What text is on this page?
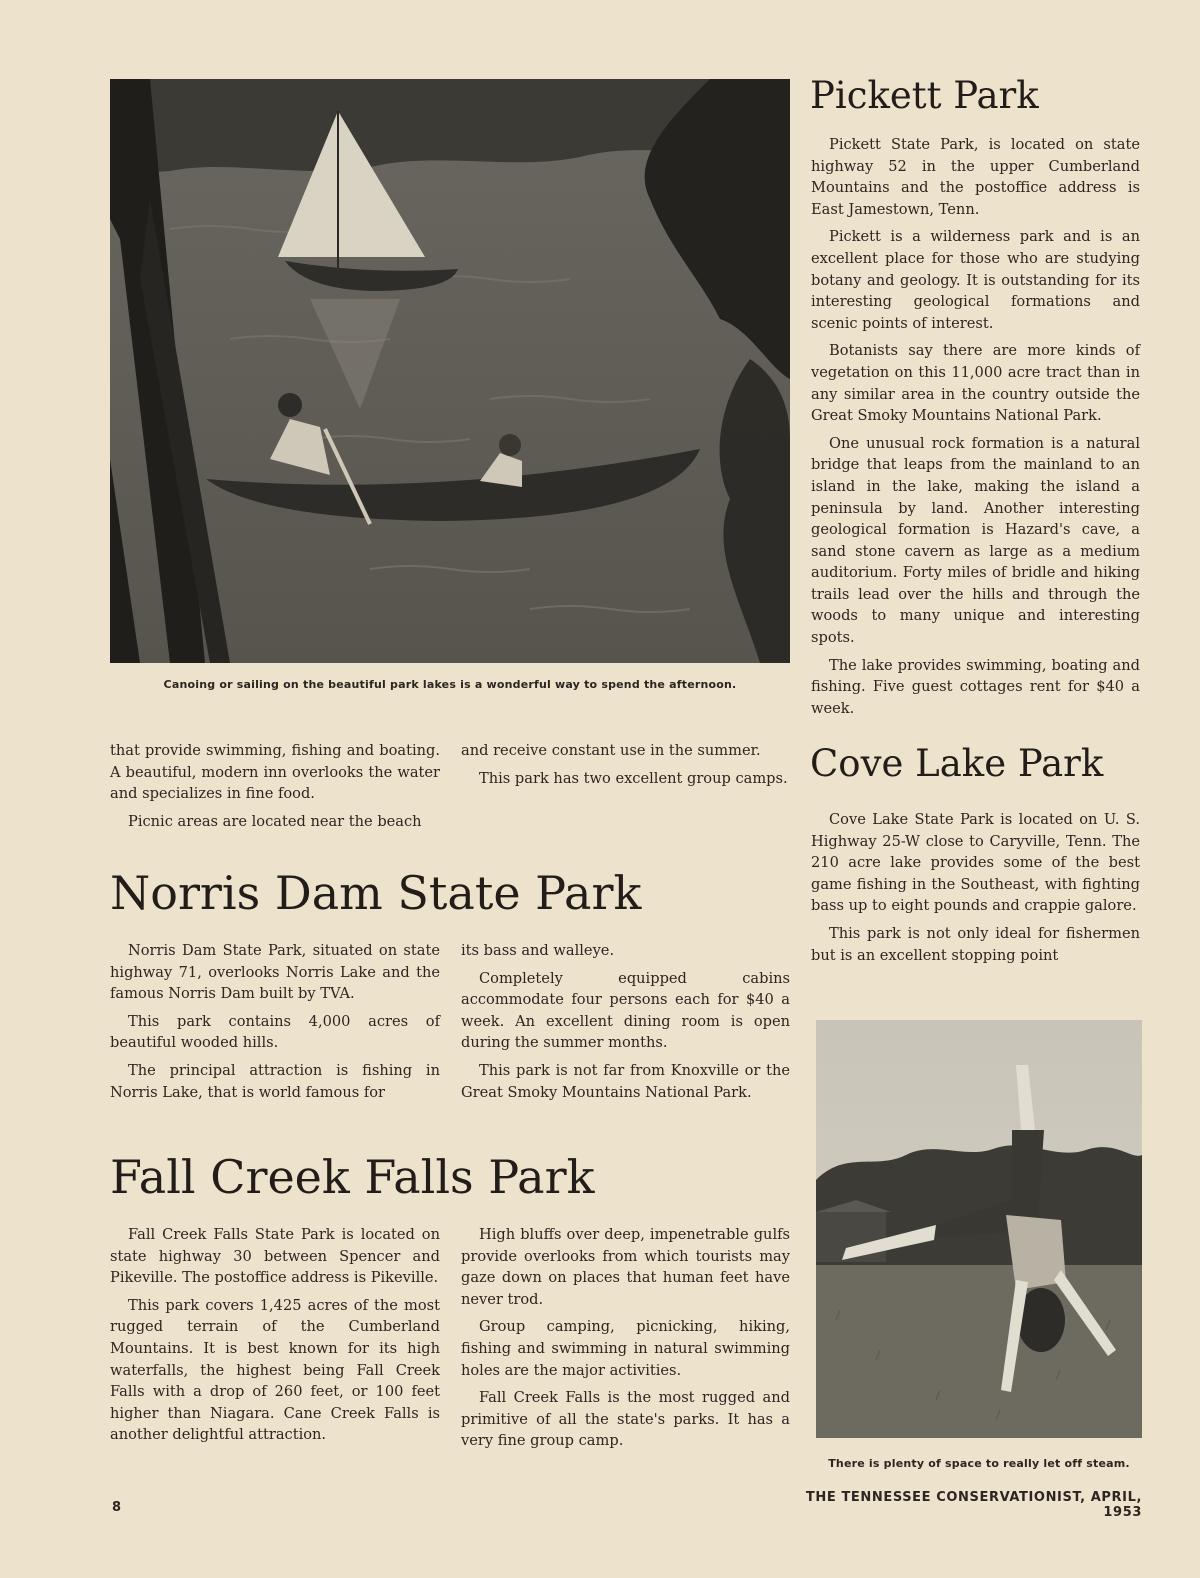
Canoing or sailing on the beautiful park lakes is a wonderful way to spend the afternoon.
Pickett Park

Pickett State Park, is located on state highway 52 in the upper Cumberland Mountains and the postoffice address is East Jamestown, Tenn.

Pickett is a wilderness park and is an excellent place for those who are studying botany and geology. It is outstanding for its interesting geological formations and scenic points of interest.

Botanists say there are more kinds of vegetation on this 11,000 acre tract than in any similar area in the country outside the Great Smoky Mountains National Park.

One unusual rock formation is a natural bridge that leaps from the mainland to an island in the lake, making the island a peninsula by land. Another interesting geological formation is Hazard's cave, a sand stone cavern as large as a medium auditorium. Forty miles of bridle and hiking trails lead over the hills and through the woods to many unique and interesting spots.

The lake provides swimming, boating and fishing. Five guest cottages rent for $40 a week.

Cove Lake Park

Cove Lake State Park is located on U. S. Highway 25-W close to Caryville, Tenn. The 210 acre lake provides some of the best game fishing in the Southeast, with fighting bass up to eight pounds and crappie galore.

This park is not only ideal for fishermen but is an excellent stopping point

that provide swimming, fishing and boating. A beautiful, modern inn overlooks the water and specializes in fine food.

Picnic areas are located near the beach

and receive constant use in the summer.

This park has two excellent group camps.

Norris Dam State Park

Norris Dam State Park, situated on state highway 71, overlooks Norris Lake and the famous Norris Dam built by TVA.

This park contains 4,000 acres of beautiful wooded hills.

The principal attraction is fishing in Norris Lake, that is world famous for

its bass and walleye.

Completely equipped cabins accommodate four persons each for $40 a week. An excellent dining room is open during the summer months.

This park is not far from Knoxville or the Great Smoky Mountains National Park.

Fall Creek Falls Park

Fall Creek Falls State Park is located on state highway 30 between Spencer and Pikeville. The postoffice address is Pikeville.

This park covers 1,425 acres of the most rugged terrain of the Cumberland Mountains. It is best known for its high waterfalls, the highest being Fall Creek Falls with a drop of 260 feet, or 100 feet higher than Niagara. Cane Creek Falls is another delightful attraction.

High bluffs over deep, impenetrable gulfs provide overlooks from which tourists may gaze down on places that human feet have never trod.

Group camping, picnicking, hiking, fishing and swimming in natural swimming holes are the major activities.

Fall Creek Falls is the most rugged and primitive of all the state's parks. It has a very fine group camp.

There is plenty of space to really let off steam.
8
THE TENNESSEE CONSERVATIONIST, APRIL, 1953
